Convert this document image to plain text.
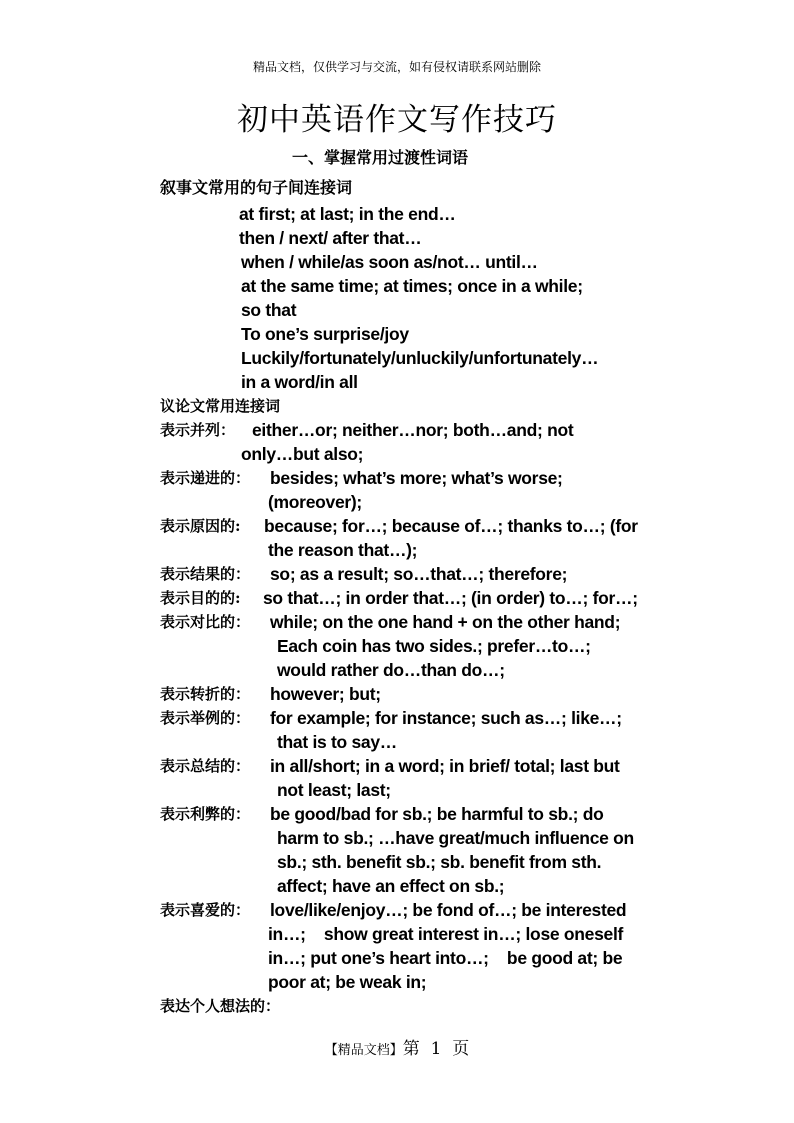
精品文档，仅供学习与交流，如有侵权请联系网站删除
初中英语作文写作技巧
一、掌握常用过渡性词语
叙事文常用的句子间连接词
at first; at last; in the end…
then / next/ after that…
when / while/as soon as/not… until…
at the same time; at times; once in a while;
so that
To one’s surprise/joy
Luckily/fortunately/unluckily/unfortunately…
in a word/in all
议论文常用连接词
表示并列： either…or; neither…nor; both…and; not
only…but also;
表示递进的： besides; what’s more; what’s worse;
(moreover);
表示原因的: because; for…; because of…; thanks to…; (for
the reason that…);
表示结果的： so; as a result; so…that…; therefore;
表示目的的: so that…; in order that…; (in order) to…; for…;
表示对比的： while; on the one hand + on the other hand;
Each coin has two sides.; prefer…to…;
would rather do…than do…;
表示转折的： however; but;
表示举例的： for example; for instance; such as…; like…;
that is to say…
表示总结的： in all/short; in a word; in brief/ total; last but
not least; last;
表示利弊的： be good/bad for sb.; be harmful to sb.; do
harm to sb.; …have great/much influence on
sb.; sth. benefit sb.; sb. benefit from sth.
affect; have an effect on sb.;
表示喜爱的： love/like/enjoy…; be fond of…; be interested
in…;    show great interest in…; lose oneself
in…; put one’s heart into…;    be good at; be
poor at; be weak in;
表达个人想法的：
【精品文档】第  1  页
